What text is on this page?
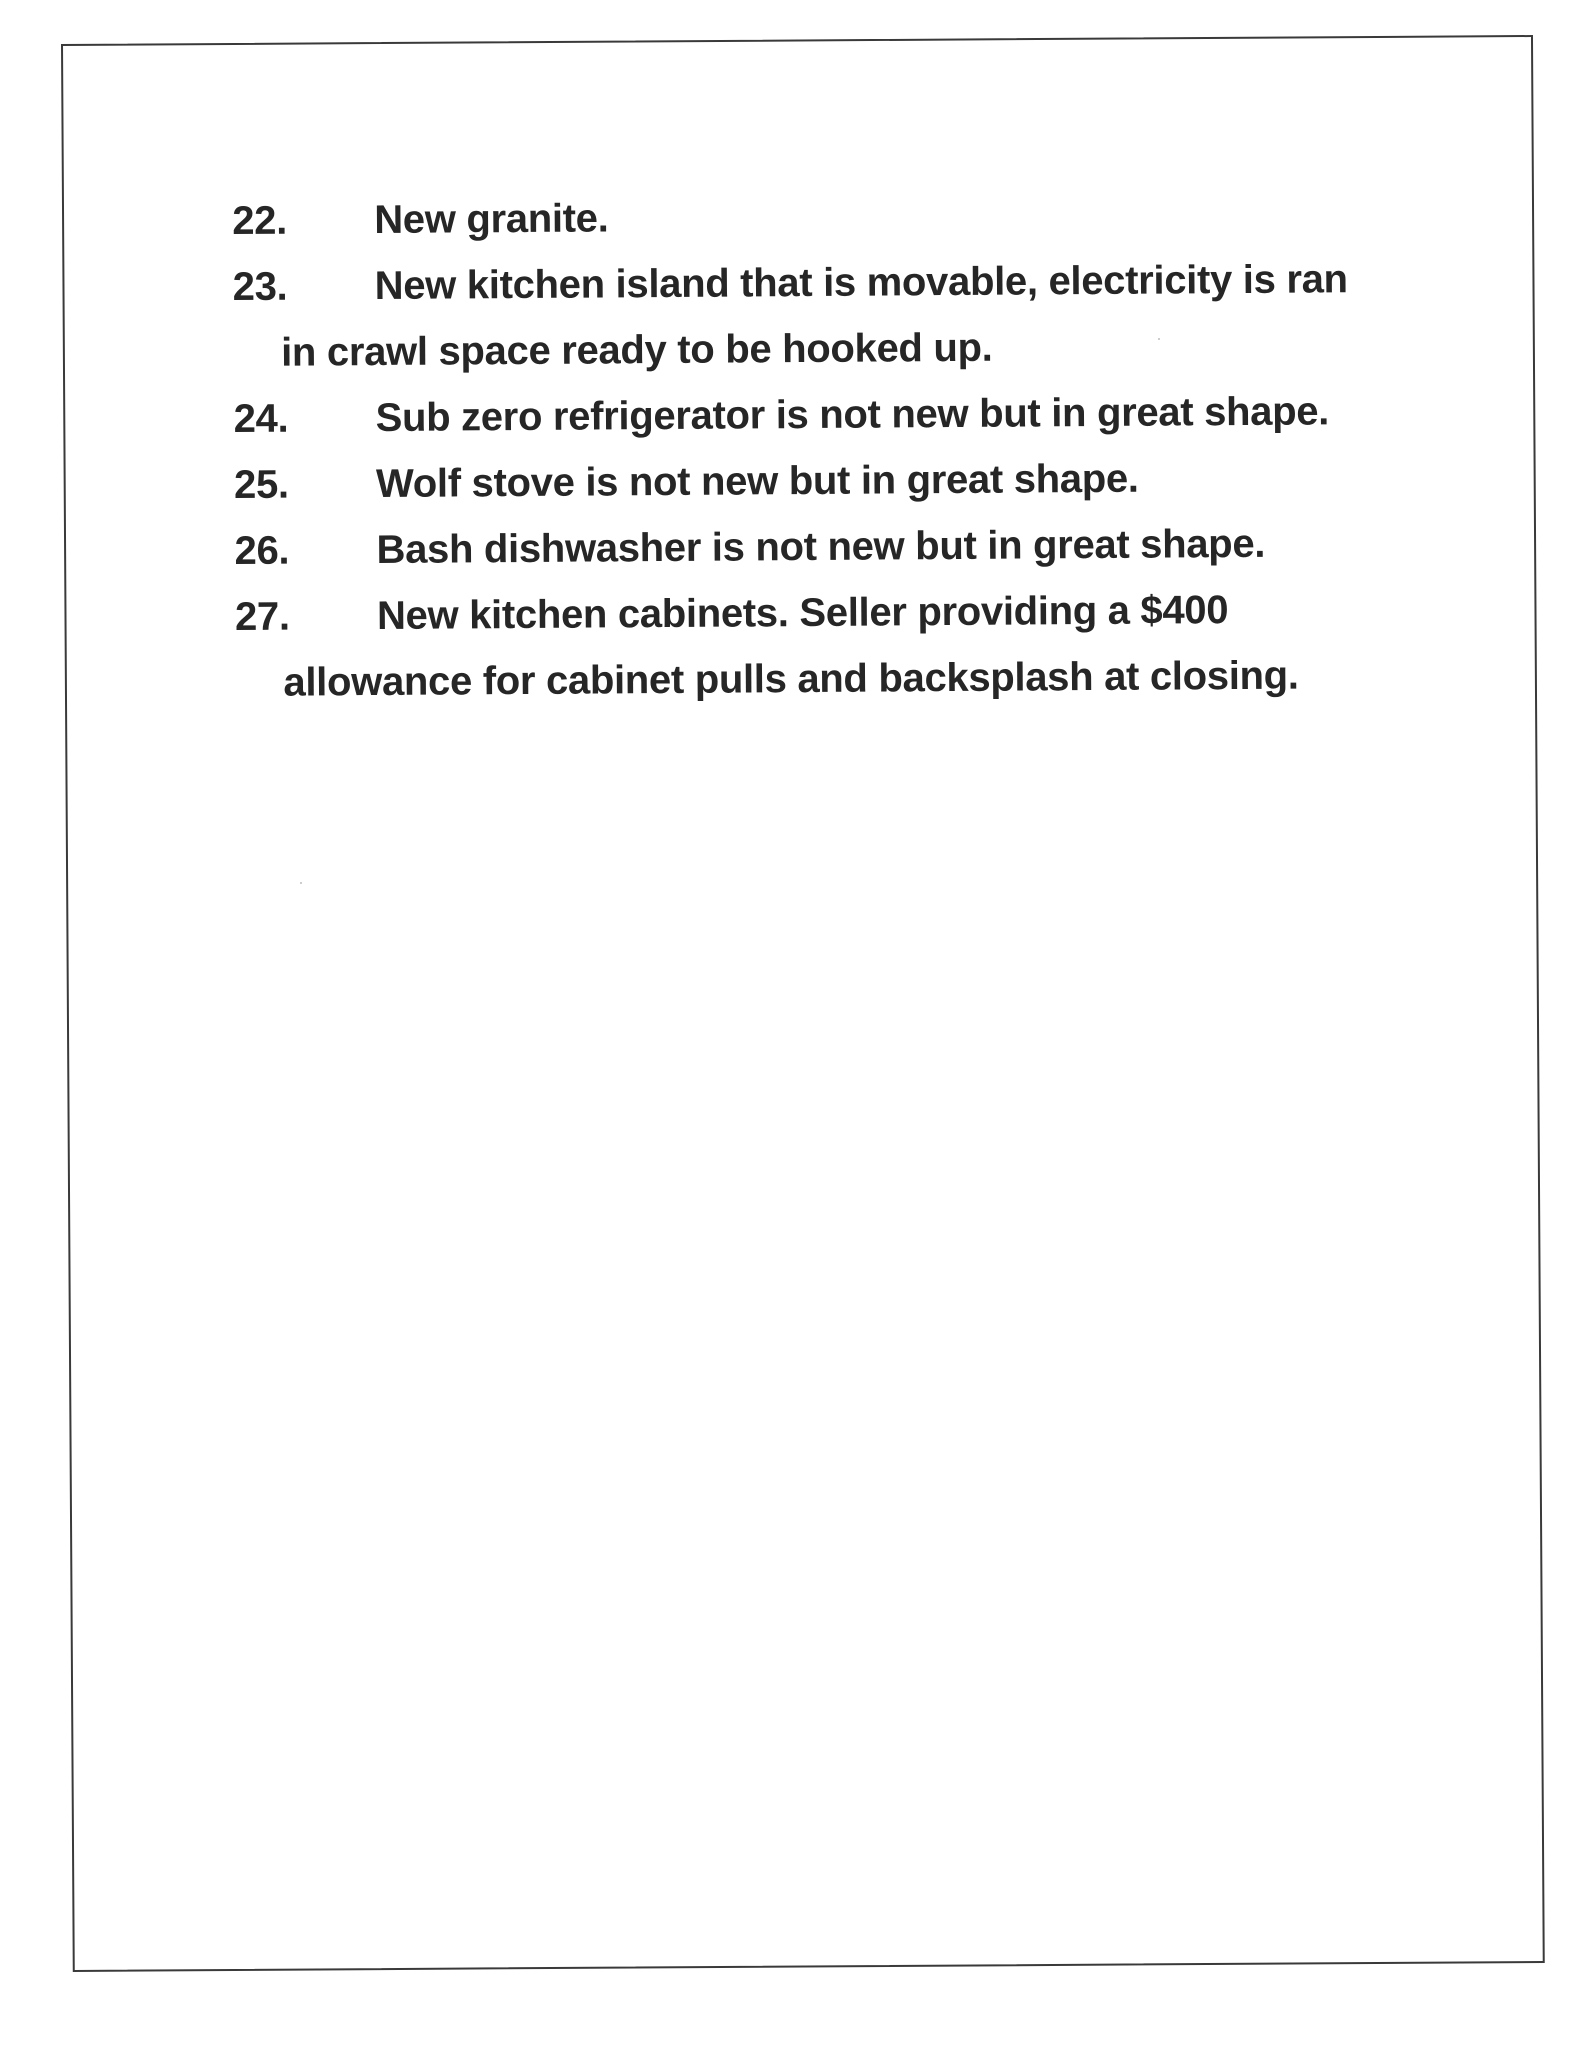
22. New granite.
23. New kitchen island that is movable, electricity is ran
in crawl space ready to be hooked up.
24. Sub zero refrigerator is not new but in great shape.
25. Wolf stove is not new but in great shape.
26. Bash dishwasher is not new but in great shape.
27. New kitchen cabinets. Seller providing a $400
allowance for cabinet pulls and backsplash at closing.
